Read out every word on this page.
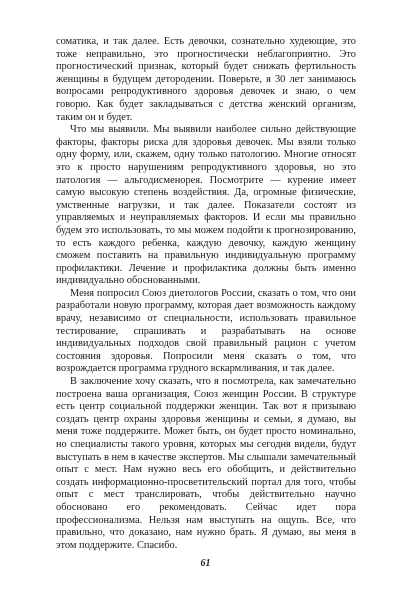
соматика, и так далее. Есть девочки, сознательно худеющие, это тоже неправильно, это прогностически неблагоприятно. Это прогностический признак, который будет снижать фертильность женщины в будущем детородении. Поверьте, я 30 лет занимаюсь вопросами репродуктивного здоровья девочек и знаю, о чем говорю. Как будет закладываться с детства женский организм, таким он и будет.

Что мы выявили. Мы выявили наиболее сильно действующие факторы, факторы риска для здоровья девочек. Мы взяли только одну форму, или, скажем, одну только патологию. Многие относят это к просто нарушениям репродуктивного здоровья, но это патология — альгодисменорея. Посмотрите — курение имеет самую высокую степень воздействия. Да, огромные физические, умственные нагрузки, и так далее. Показатели состоят из управляемых и неуправляемых факторов. И если мы правильно будем это использовать, то мы можем подойти к прогнозированию, то есть каждого ребенка, каждую девочку, каждую женщину сможем поставить на правильную индивидуальную программу профилактики. Лечение и профилактика должны быть именно индивидуально обоснованными.

Меня попросил Союз диетологов России, сказать о том, что они разработали новую программу, которая дает возможность каждому врачу, независимо от специальности, использовать правильное тестирование, спрашивать и разрабатывать на основе индивидуальных подходов свой правильный рацион с учетом состояния здоровья. Попросили меня сказать о том, что возрождается программа грудного вскармливания, и так далее.

В заключение хочу сказать, что я посмотрела, как замечательно построена ваша организация, Союз женщин России. В структуре есть центр социальной поддержки женщин. Так вот я призываю создать центр охраны здоровья женщины и семьи, я думаю, вы меня тоже поддержите. Может быть, он будет просто номинально, но специалисты такого уровня, которых мы сегодня видели, будут выступать в нем в качестве экспертов. Мы слышали замечательный опыт с мест. Нам нужно весь его обобщить, и действительно создать информационно-просветительский портал для того, чтобы опыт с мест транслировать, чтобы действительно научно обосновано его рекомендовать. Сейчас идет пора профессионализма. Нельзя нам выступать на ощупь. Все, что правильно, что доказано, нам нужно брать. Я думаю, вы меня в этом поддержите. Спасибо.

61
